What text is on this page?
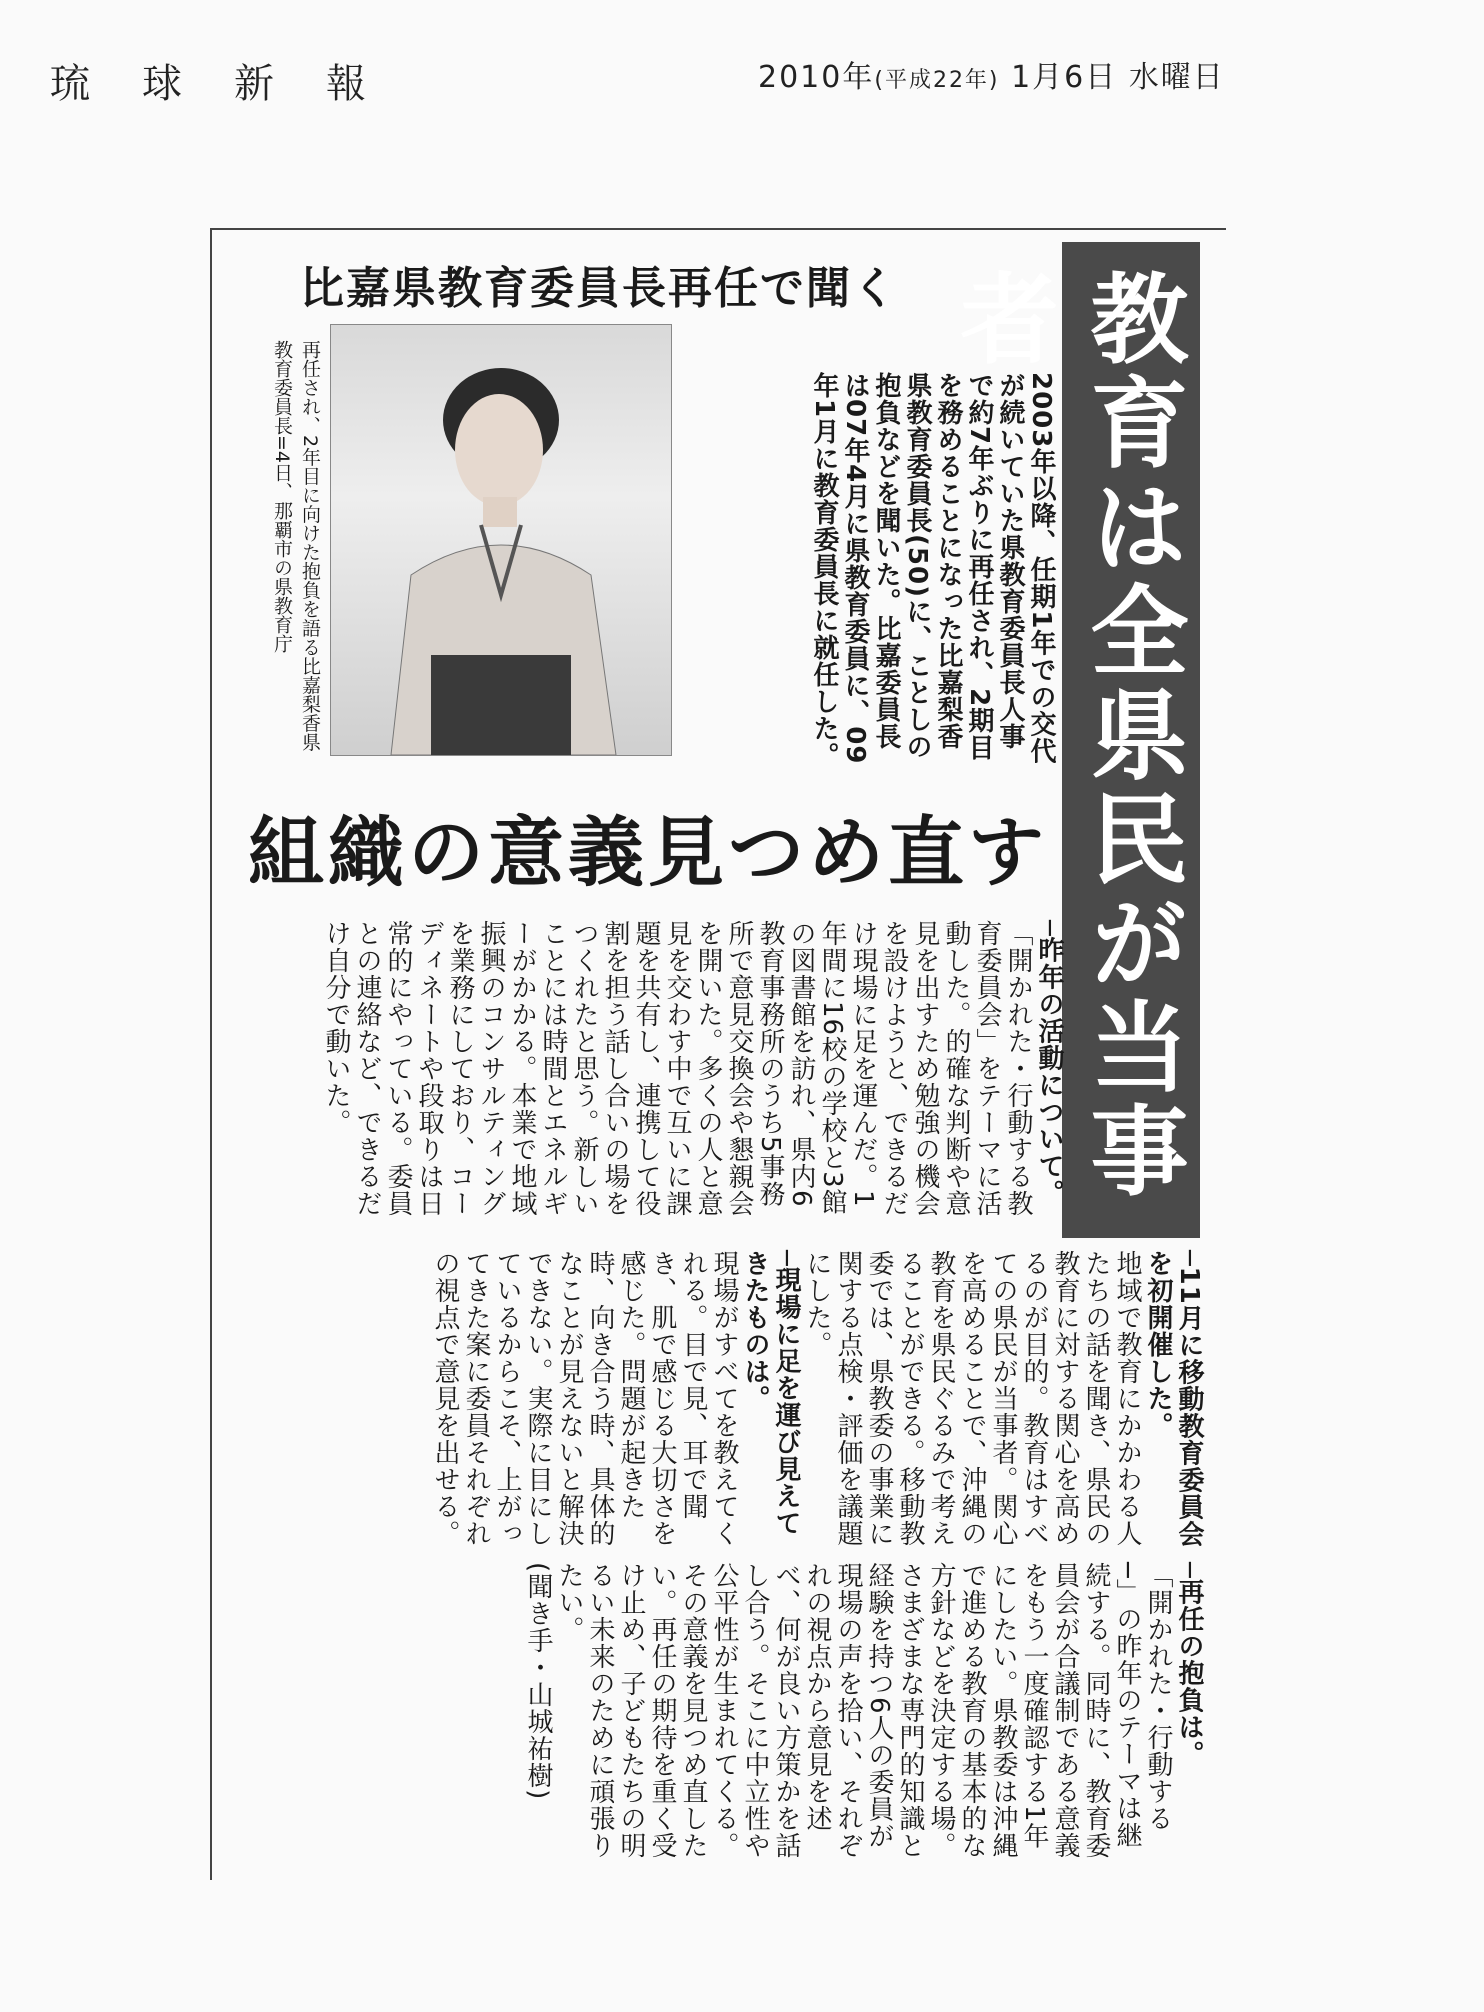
琉球新報	2010年(平成22年) 1月6日 水曜日
教育は全県民が当事者
比嘉県教育委員長再任で聞く
再任され、2年目に向けた抱負を語る比嘉梨香県教育委員長=4日、那覇市の県教育庁	2003年以降、任期1年での交代が続いていた県教育委員長人事で約7年ぶりに再任され、2期目を務めることになった比嘉梨香県教育委員長(50)に、ことしの抱負などを聞いた。比嘉委員長は07年4月に県教育委員に、09年1月に教育委員長に就任した。
組織の意義見つめ直す
─昨年の活動について。
「開かれた・行動する教育委員会」をテーマに活動した。的確な判断や意見を出すため勉強の機会を設けようと、できるだけ現場に足を運んだ。1年間に16校の学校と3館の図書館を訪れ、県内6教育事務所のうち5事務所で意見交換会や懇親会を開いた。多くの人と意見を交わす中で互いに課題を共有し、連携して役割を担う話し合いの場をつくれたと思う。新しいことには時間とエネルギーがかかる。本業で地域振興のコンサルティングを業務にしており、コーディネートや段取りは日常的にやっている。委員との連絡など、できるだけ自分で動いた。
─11月に移動教育委員会を初開催した。
地域で教育にかかわる人たちの話を聞き、県民の教育に対する関心を高めるのが目的。教育はすべての県民が当事者。関心を高めることで、沖縄の教育を県民ぐるみで考えることができる。移動教委では、県教委の事業に関する点検・評価を議題にした。
─現場に足を運び見えてきたものは。
現場がすべてを教えてくれる。目で見、耳で聞き、肌で感じる大切さを感じた。問題が起きた時、向き合う時、具体的なことが見えないと解決できない。実際に目にしているからこそ、上がってきた案に委員それぞれの視点で意見を出せる。
─再任の抱負は。
「開かれた・行動する─」の昨年のテーマは継続する。同時に、教育委員会が合議制である意義をもう一度確認する1年にしたい。県教委は沖縄で進める教育の基本的な方針などを決定する場。さまざまな専門的知識と経験を持つ6人の委員が現場の声を拾い、それぞれの視点から意見を述べ、何が良い方策かを話し合う。そこに中立性や公平性が生まれてくる。その意義を見つめ直したい。再任の期待を重く受け止め、子どもたちの明るい未来のために頑張りたい。
(聞き手・山城祐樹)
